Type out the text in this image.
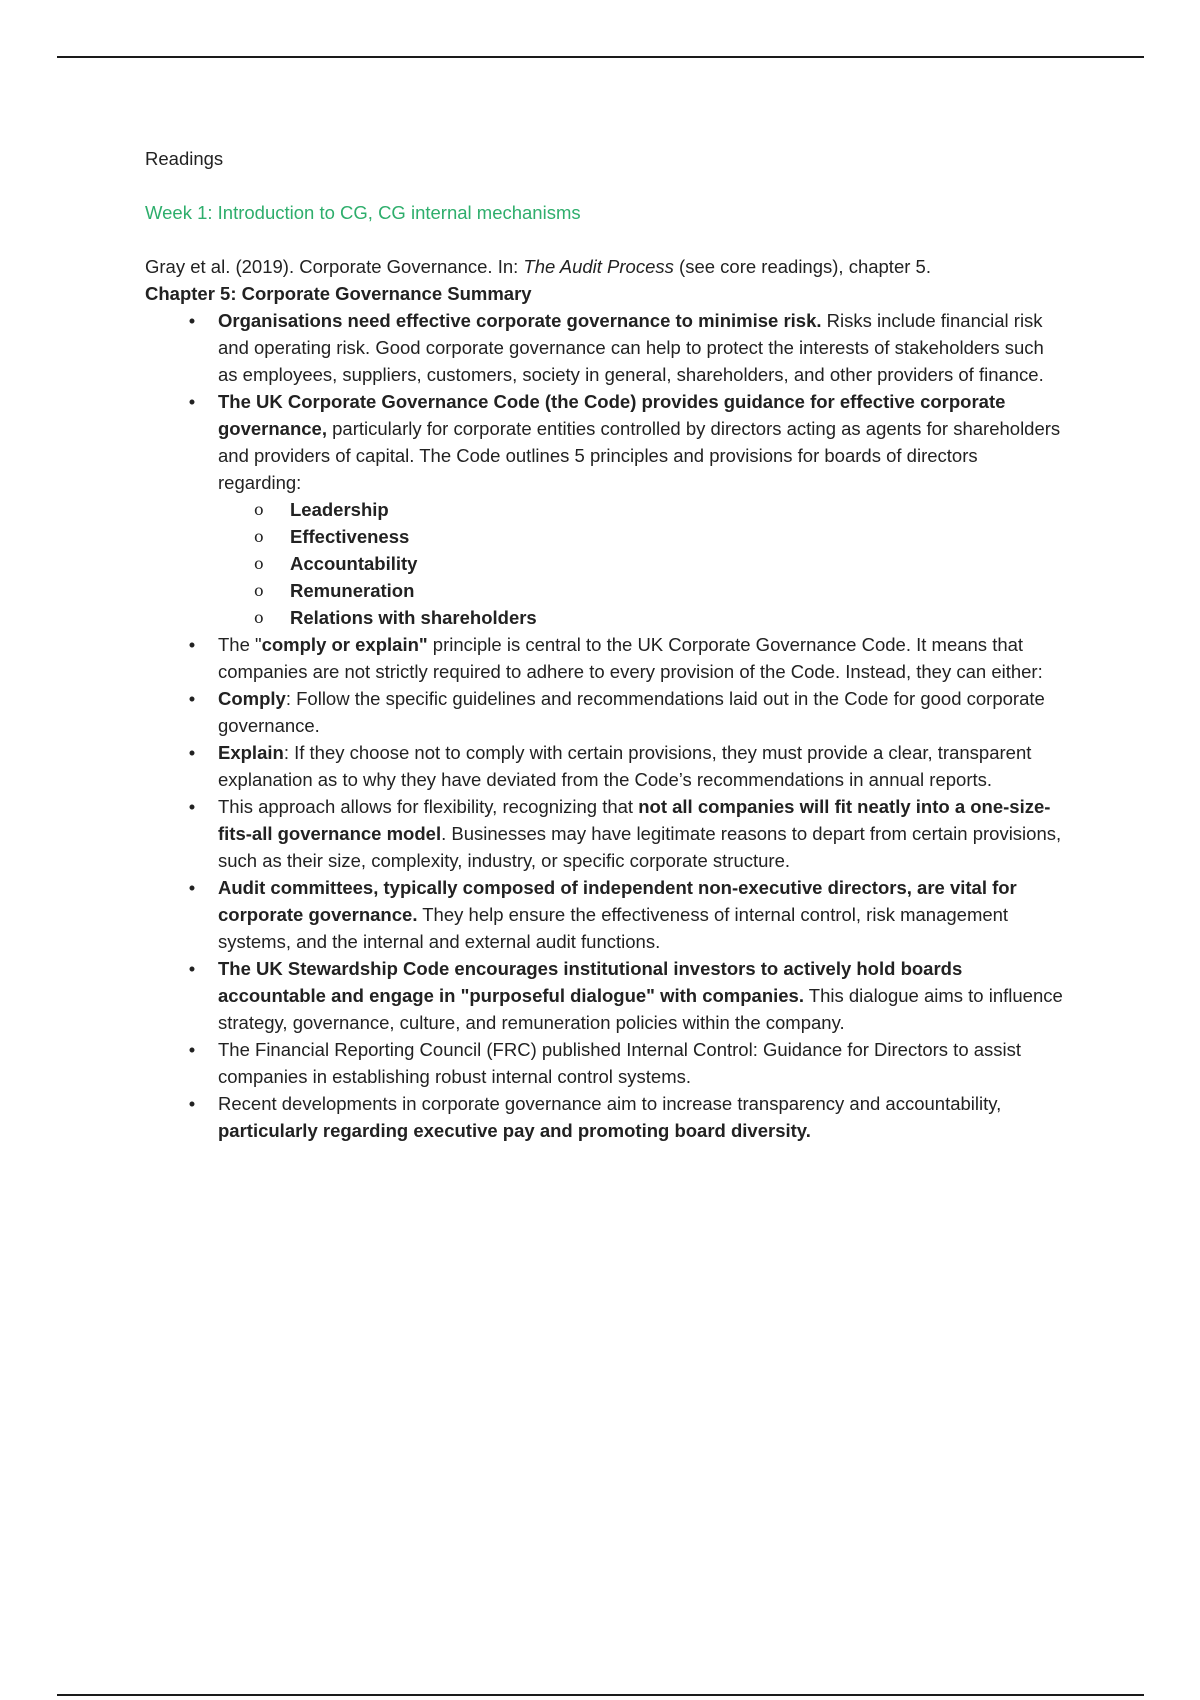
Readings
Week 1: Introduction to CG, CG internal mechanisms
Gray et al. (2019). Corporate Governance. In: The Audit Process (see core readings), chapter 5.
Chapter 5: Corporate Governance Summary
•	Organisations need effective corporate governance to minimise risk. Risks include financial risk and operating risk. Good corporate governance can help to protect the interests of stakeholders such as employees, suppliers, customers, society in general, shareholders, and other providers of finance.
•	The UK Corporate Governance Code (the Code) provides guidance for effective corporate governance, particularly for corporate entities controlled by directors acting as agents for shareholders and providers of capital. The Code outlines 5 principles and provisions for boards of directors regarding:
o Leadership
o Effectiveness
o Accountability
o Remuneration
o Relations with shareholders
•	The "comply or explain" principle is central to the UK Corporate Governance Code. It means that companies are not strictly required to adhere to every provision of the Code. Instead, they can either:
•	Comply: Follow the specific guidelines and recommendations laid out in the Code for good corporate governance.
•	Explain: If they choose not to comply with certain provisions, they must provide a clear, transparent explanation as to why they have deviated from the Code’s recommendations in annual reports.
•	This approach allows for flexibility, recognizing that not all companies will fit neatly into a one-size-fits-all governance model. Businesses may have legitimate reasons to depart from certain provisions, such as their size, complexity, industry, or specific corporate structure.
•	Audit committees, typically composed of independent non-executive directors, are vital for corporate governance. They help ensure the effectiveness of internal control, risk management systems, and the internal and external audit functions.
•	The UK Stewardship Code encourages institutional investors to actively hold boards accountable and engage in "purposeful dialogue" with companies. This dialogue aims to influence strategy, governance, culture, and remuneration policies within the company.
•	The Financial Reporting Council (FRC) published Internal Control: Guidance for Directors to assist companies in establishing robust internal control systems.
•	Recent developments in corporate governance aim to increase transparency and accountability, particularly regarding executive pay and promoting board diversity.
